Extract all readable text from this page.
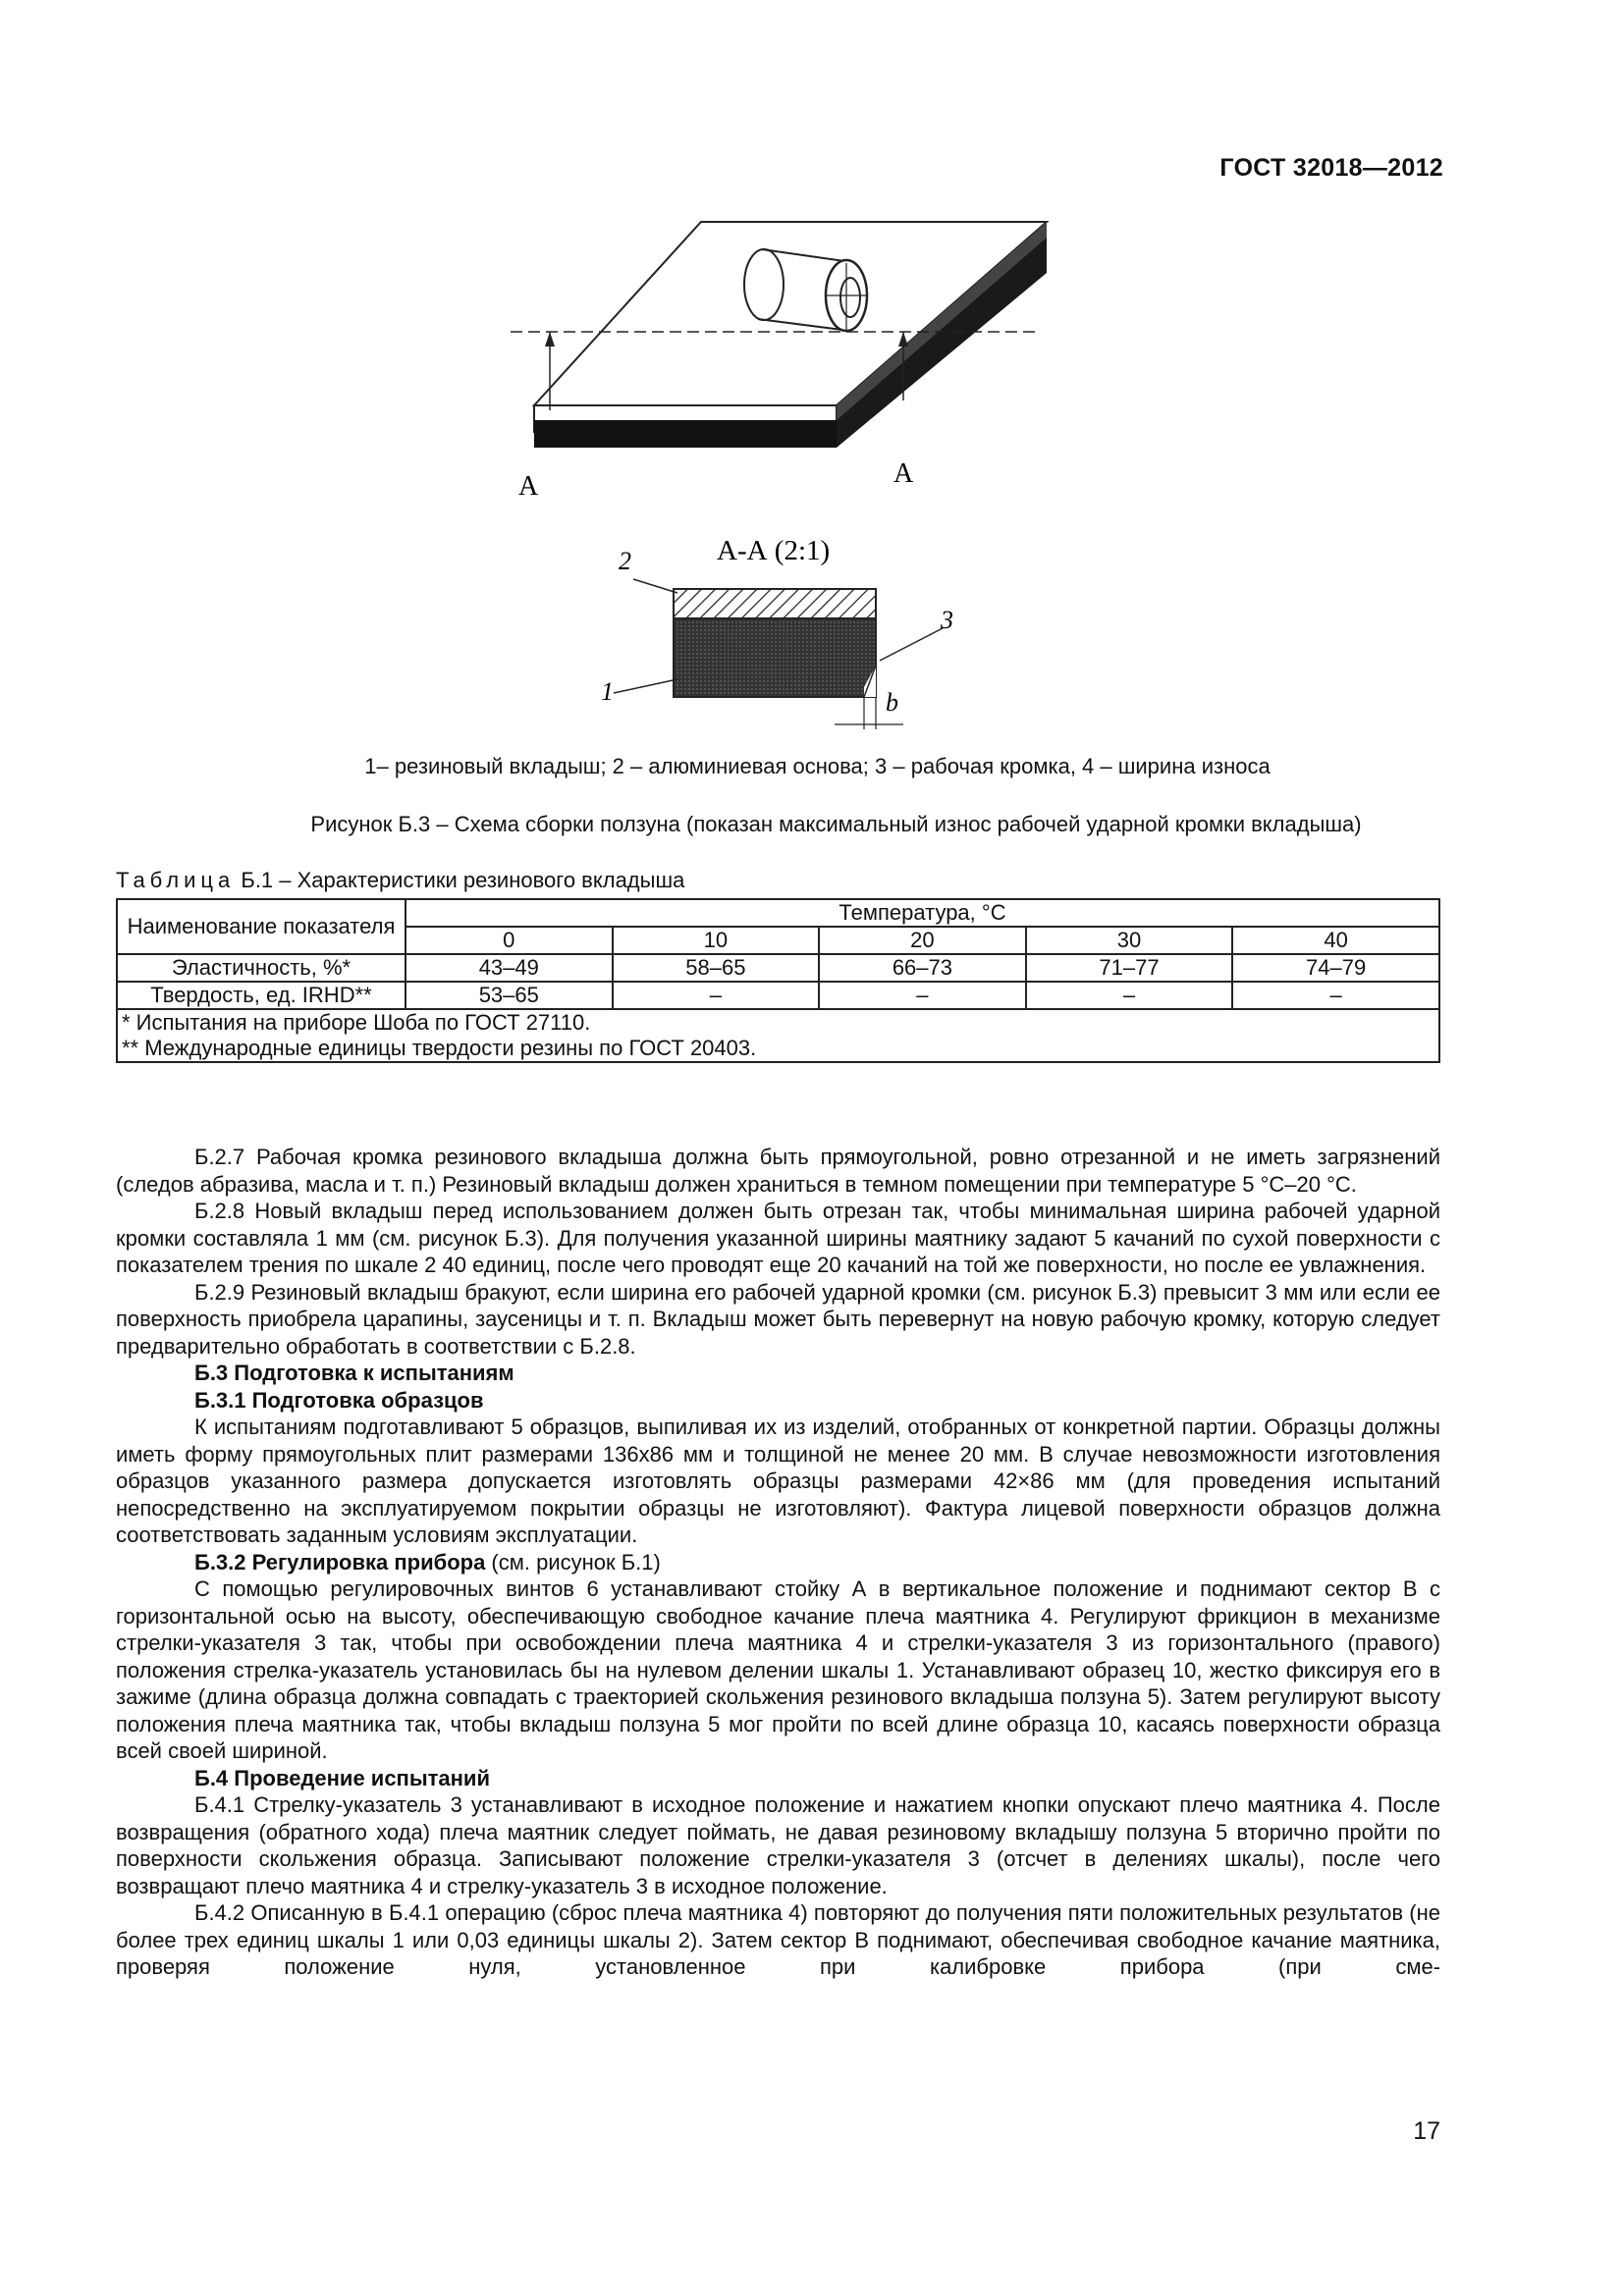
ГОСТ 32018—2012
А	А
А-А (2:1)
2
3
1	b
1– резиновый вкладыш; 2 – алюминиевая основа; 3 – рабочая кромка, 4 – ширина износа
Рисунок Б.3 – Схема сборки ползуна (показан максимальный износ рабочей ударной кромки вкладыша)
Таблица Б.1 – Характеристики резинового вкладыша
Наименование показателя	Температура, °С				
	0	10	20	30	40
Эластичность, %*	43–49	58–65	66–73	71–77	74–79
Твердость, ед. IRHD**	53–65	–	–	–	–

* Испытания на приборе Шоба по ГОСТ 27110.
** Международные единицы твердости резины по ГОСТ 20403.					

Б.2.7 Рабочая кромка резинового вкладыша должна быть прямоугольной, ровно отрезанной и не иметь загрязнений (следов абразива, масла и т. п.) Резиновый вкладыш должен храниться в темном помещении при температуре 5 °С–20 °С.

Б.2.8 Новый вкладыш перед использованием должен быть отрезан так, чтобы минимальная ширина рабочей ударной кромки составляла 1 мм (см. рисунок Б.3). Для получения указанной ширины маятнику задают 5 качаний по сухой поверхности с показателем трения по шкале 2 40 единиц, после чего проводят еще 20 качаний на той же поверхности, но после ее увлажнения.

Б.2.9 Резиновый вкладыш бракуют, если ширина его рабочей ударной кромки (см. рисунок Б.3) превысит 3 мм или если ее поверхность приобрела царапины, заусеницы и т. п. Вкладыш может быть перевернут на новую рабочую кромку, которую следует предварительно обработать в соответствии с Б.2.8.

Б.3 Подготовка к испытаниям

Б.3.1 Подготовка образцов

К испытаниям подготавливают 5 образцов, выпиливая их из изделий, отобранных от конкретной партии. Образцы должны иметь форму прямоугольных плит размерами 136х86 мм и толщиной не менее 20 мм. В случае невозможности изготовления образцов указанного размера допускается изготовлять образцы размерами 42×86 мм (для проведения испытаний непосредственно на эксплуатируемом покрытии образцы не изготовляют). Фактура лицевой поверхности образцов должна соответствовать заданным условиям эксплуатации.

Б.3.2 Регулировка прибора (см. рисунок Б.1)

С помощью регулировочных винтов 6 устанавливают стойку А в вертикальное положение и поднимают сектор В с горизонтальной осью на высоту, обеспечивающую свободное качание плеча маятника 4. Регулируют фрикцион в механизме стрелки-указателя 3 так, чтобы при освобождении плеча маятника 4 и стрелки-указателя 3 из горизонтального (правого) положения стрелка-указатель установилась бы на нулевом делении шкалы 1. Устанавливают образец 10, жестко фиксируя его в зажиме (длина образца должна совпадать с траекторией скольжения резинового вкладыша ползуна 5). Затем регулируют высоту положения плеча маятника так, чтобы вкладыш ползуна 5 мог пройти по всей длине образца 10, касаясь поверхности образца всей своей шириной.

Б.4 Проведение испытаний

Б.4.1 Стрелку-указатель 3 устанавливают в исходное положение и нажатием кнопки опускают плечо маятника 4. После возвращения (обратного хода) плеча маятник следует поймать, не давая резиновому вкладышу ползуна 5 вторично пройти по поверхности скольжения образца. Записывают положение стрелки-указателя 3 (отсчет в делениях шкалы), после чего возвращают плечо маятника 4 и стрелку-указатель 3 в исходное положение.

Б.4.2 Описанную в Б.4.1 операцию (сброс плеча маятника 4) повторяют до получения пяти положительных результатов (не более трех единиц шкалы 1 или 0,03 единицы шкалы 2). Затем сектор В поднимают, обеспечивая свободное качание маятника, проверяя положение нуля, установленное при калибровке прибора (при сме-

17
